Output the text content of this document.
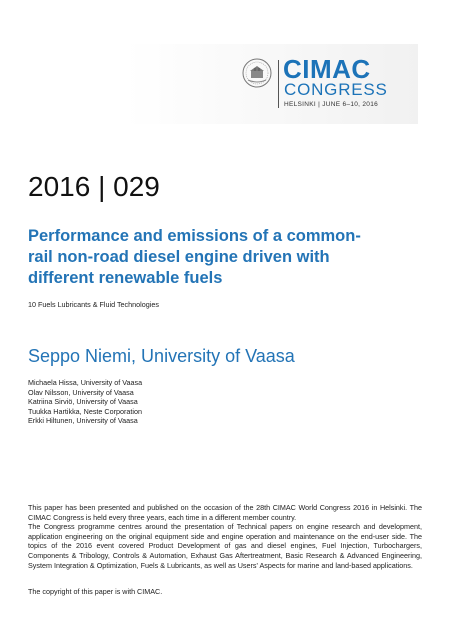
CIMAC
CONGRESS
HELSINKI | JUNE 6–10, 2016
2016 | 029
Performance and emissions of a common-
rail non-road diesel engine driven with
different renewable fuels
10 Fuels Lubricants & Fluid Technologies
Seppo Niemi, University of Vaasa
Michaela Hissa, University of Vaasa
Olav Nilsson, University of Vaasa
Katriina Sirviö, University of Vaasa
Tuukka Hartikka, Neste Corporation
Erkki Hiltunen, University of Vaasa

This paper has been presented and published on the occasion of the 28th CIMAC World Congress 2016 in Helsinki. The CIMAC Congress is held every three years, each time in a different member country.

The Congress programme centres around the presentation of Technical papers on engine research and development, application engineering on the original equipment side and engine operation and maintenance on the end-user side. The topics of the 2016 event covered Product Development of gas and diesel engines, Fuel Injection, Turbochargers, Components & Tribology, Controls & Automation, Exhaust Gas Aftertreatment, Basic Research & Advanced Engineering, System Integration & Optimization, Fuels & Lubricants, as well as Users' Aspects for marine and land-based applications.

The copyright of this paper is with CIMAC.
